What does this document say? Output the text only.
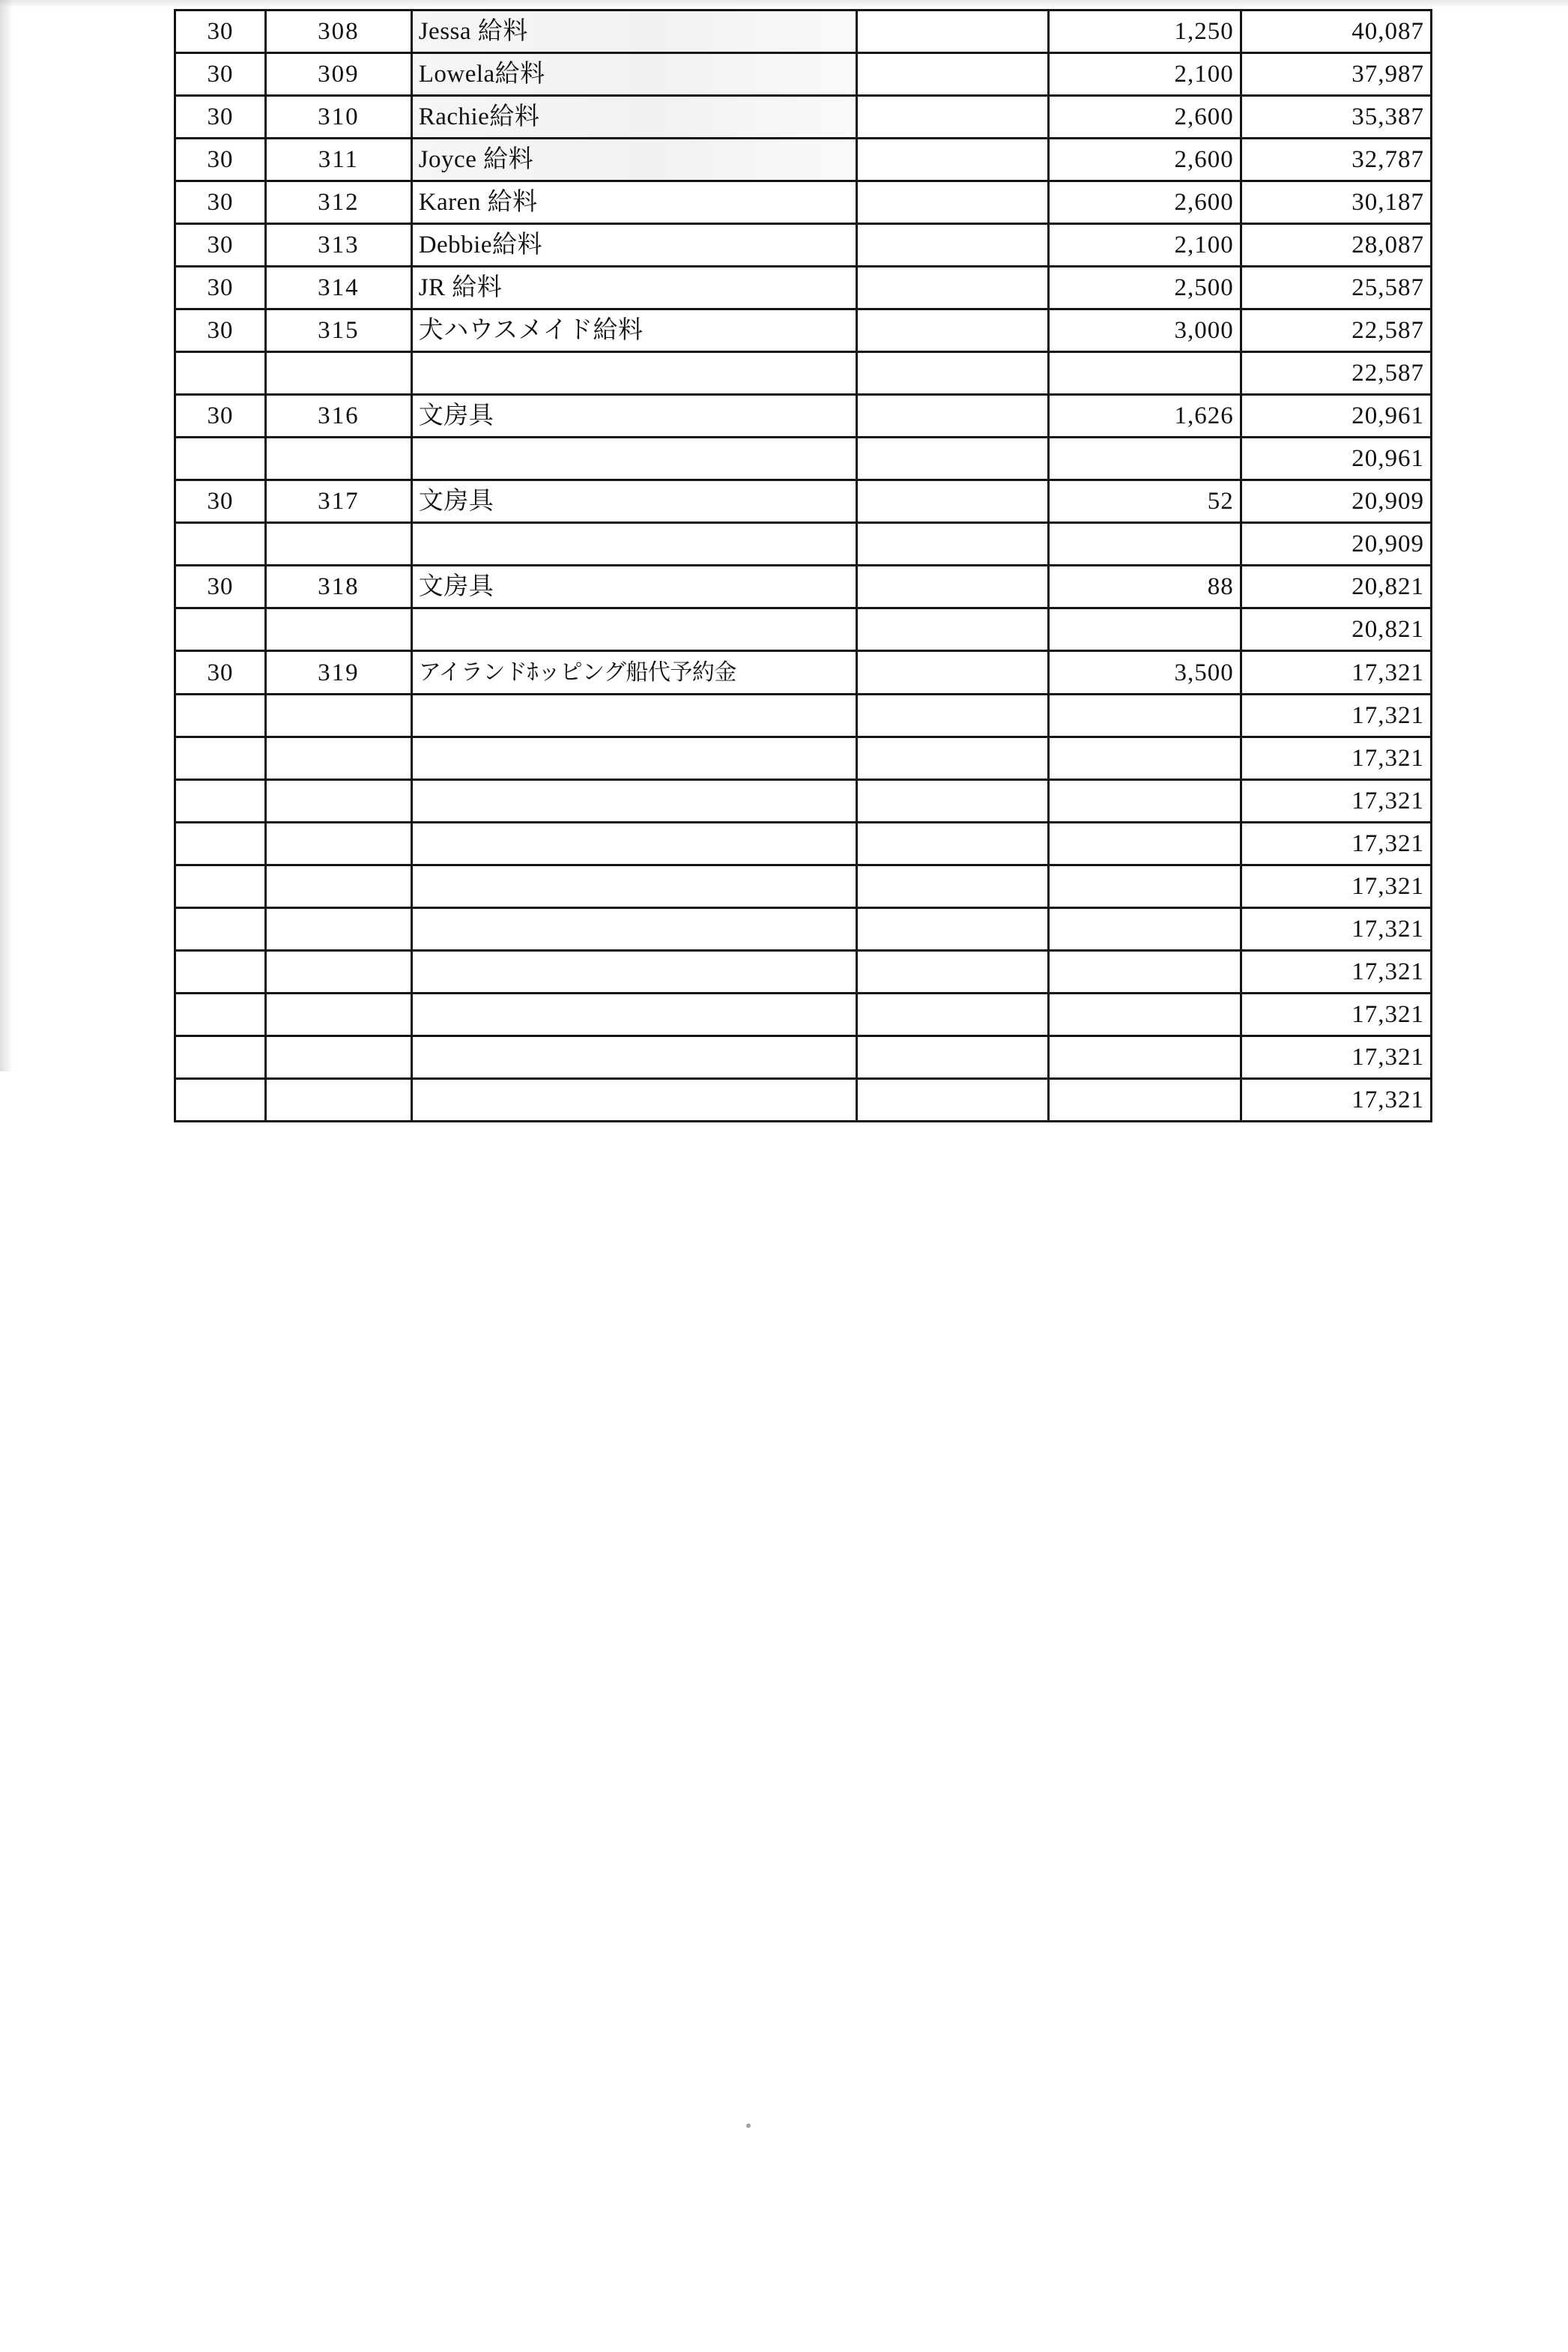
30	308	Jessa 給料		1,250	40,087
30	309	Lowela給料		2,100	37,987
30	310	Rachie給料		2,600	35,387
30	311	Joyce 給料		2,600	32,787
30	312	Karen 給料		2,600	30,187
30	313	Debbie給料		2,100	28,087
30	314	JR 給料		2,500	25,587
30	315	犬ハウスメイド給料		3,000	22,587
					22,587
30	316	文房具		1,626	20,961
					20,961
30	317	文房具		52	20,909
					20,909
30	318	文房具		88	20,821
					20,821
30	319	アイランドﾎッピング船代予約金		3,500	17,321
					17,321
					17,321
					17,321
					17,321
					17,321
					17,321
					17,321
					17,321
					17,321
					17,321
